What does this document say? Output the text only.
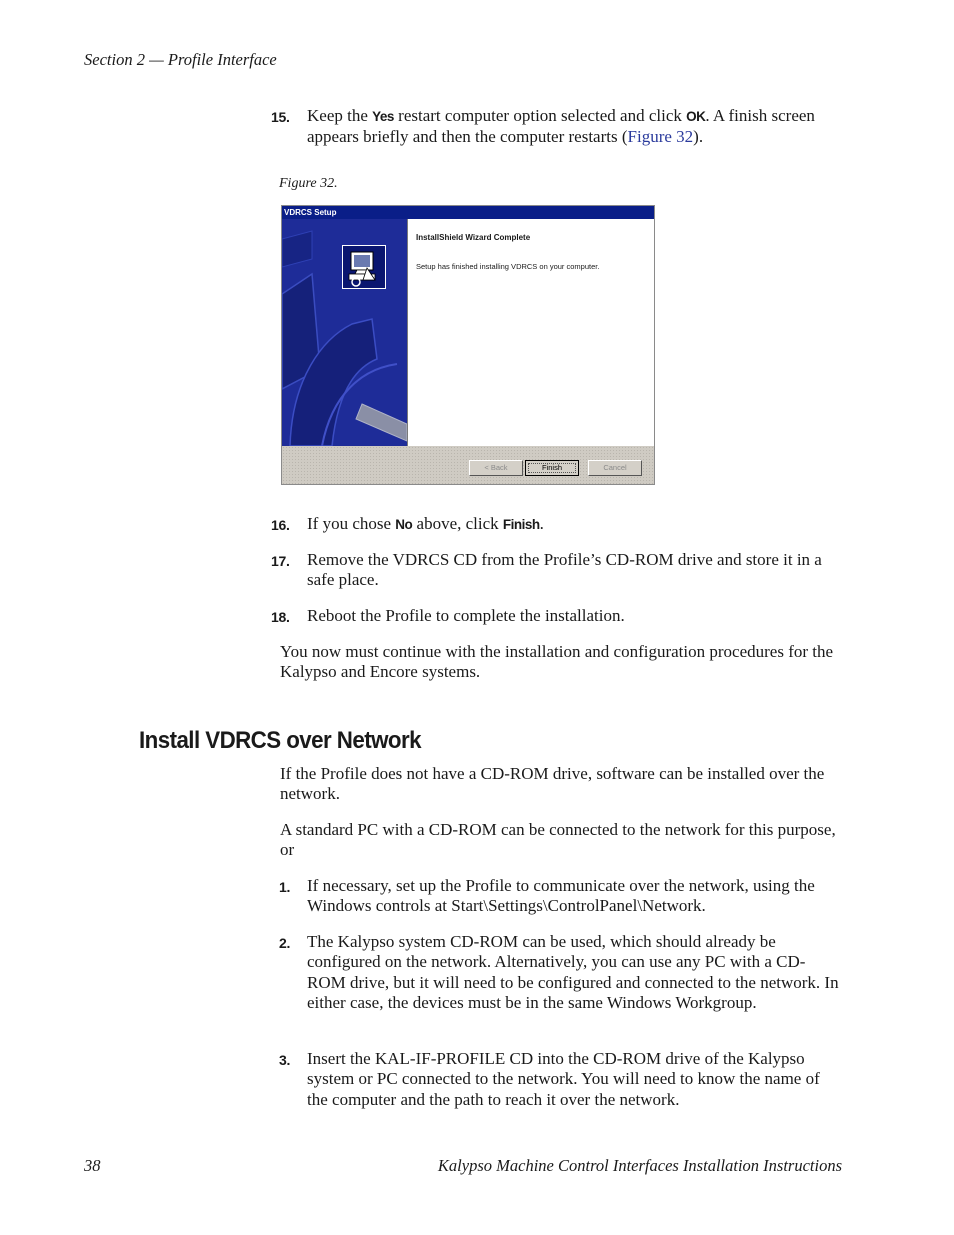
Section 2 — Profile Interface
15. Keep the Yes restart computer option selected and click OK. A finish screen appears briefly and then the computer restarts (Figure 32).
Figure 32.
VDRCS Setup
InstallShield Wizard Complete
Setup has finished installing VDRCS on your computer.
< Back	Finish	Cancel
16. If you chose No above, click Finish.
17. Remove the VDRCS CD from the Profile’s CD-ROM drive and store it in a safe place.
18. Reboot the Profile to complete the installation.
You now must continue with the installation and configuration procedures for the Kalypso and Encore systems.
Install VDRCS over Network
If the Profile does not have a CD-ROM drive, software can be installed over the network.
A standard PC with a CD-ROM can be connected to the network for this purpose, or
1. If necessary, set up the Profile to communicate over the network, using the Windows controls at Start\Settings\ControlPanel\Network.
2. The Kalypso system CD-ROM can be used, which should already be configured on the network. Alternatively, you can use any PC with a CD-ROM drive, but it will need to be configured and connected to the network. In either case, the devices must be in the same Windows Workgroup.
3. Insert the KAL-IF-PROFILE CD into the CD-ROM drive of the Kalypso system or PC connected to the network. You will need to know the name of the computer and the path to reach it over the network.
38	Kalypso Machine Control Interfaces Installation Instructions
